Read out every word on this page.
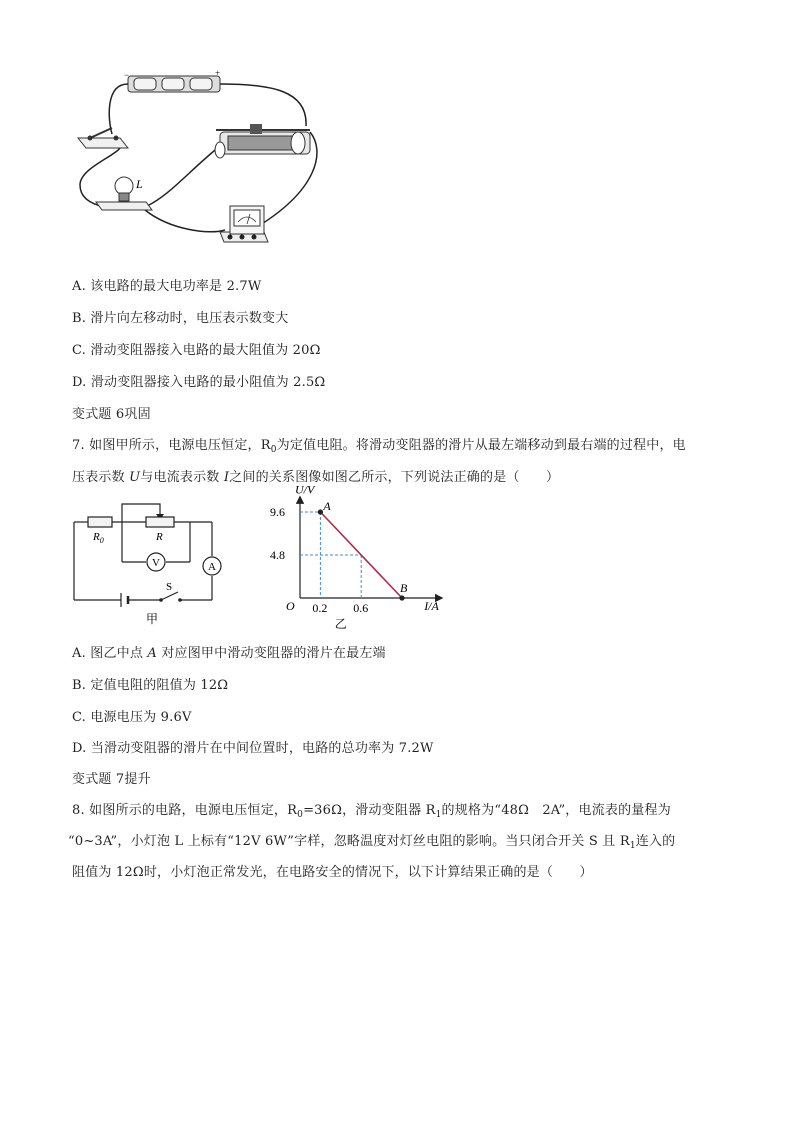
−	+
L
A. 该电路的最大电功率是 2.7W
B. 滑片向左移动时，电压表示数变大
C. 滑动变阻器接入电路的最大阻值为 20Ω
D. 滑动变阻器接入电路的最小阻值为 2.5Ω
变式题 6巩固
7. 如图甲所示，电源电压恒定，$R_0$为定值电阻。将滑动变阻器的滑片从最左端移动到最右端的过程中，电
压表示数 U与电流表示数 I之间的关系图像如图乙所示，下列说法正确的是（　　）
V	A
$R_0$	R
S
甲
U/V
I/A
O
9.6
4.8
0.2 0.6
A
B
乙
A. 图乙中点 A 对应图甲中滑动变阻器的滑片在最左端
B. 定值电阻的阻值为 12Ω
C. 电源电压为 9.6V
D. 当滑动变阻器的滑片在中间位置时，电路的总功率为 7.2W
变式题 7提升
8. 如图所示的电路，电源电压恒定，$R_0=36\Omega$，滑动变阻器 $R_1$的规格为“48Ω　2A”，电流表的量程为
“0~3A”，小灯泡 L 上标有“12V 6W”字样，忽略温度对灯丝电阻的影响。当只闭合开关 S 且 $R_1$连入的
阻值为 12Ω时，小灯泡正常发光，在电路安全的情况下，以下计算结果正确的是（　　）
